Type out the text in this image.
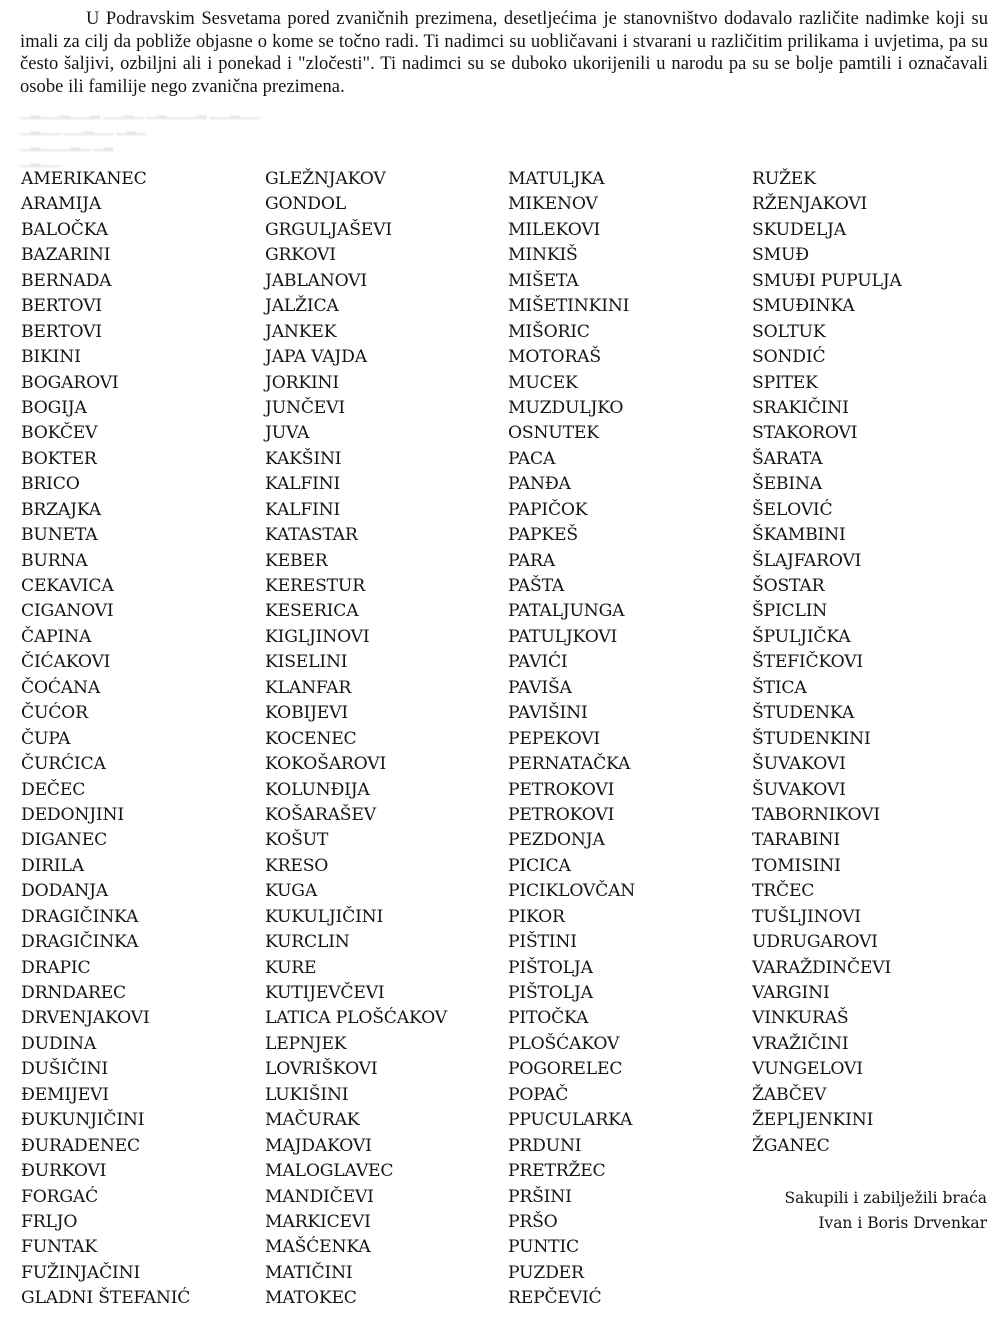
U Podravskim Sesvetama pored zvaničnih prezimena, desetljećima je stanovništvo dodavalo različite nadimke koji su imali za cilj da pobliže objasne o kome se točno radi. Ti nadimci su uobličavani i stvarani u različitim prilikama i uvjetima, pa su često šaljivi, ozbiljni ali i ponekad i "zločesti". Ti nadimci su se duboko ukorijenili u narodu pa su se bolje pamtili i označavali osobe ili familije nego zvanična prezimena.

▁▂▁▁▂▁▁▂ ▁▁▂▁ ▁▂▁▁▁▂ ▁▁▂▁▁
▁▂▁▁ ▁▁▂▁▁ ▁▂▁
▁▂▁▁▁▂▁ ▁▂
▁▂▁▁
AMERIKANEC
ARAMIJA
BALOČKA
BAZARINI
BERNADA
BERTOVI
BERTOVI
BIKINI
BOGAROVI
BOGIJA
BOKČEV
BOKTER
BRICO
BRZAJKA
BUNETA
BURNA
CEKAVICA
CIGANOVI
ČAPINA
ČIĆAKOVI
ČOĆANA
ČUĆOR
ČUPA
ČURĆICA
DEČEC
DEDONJINI
DIGANEC
DIRILA
DODANJA
DRAGIČINKA
DRAGIČINKA
DRAPIC
DRNDAREC
DRVENJAKOVI
DUDINA
DUŠIČINI
ĐEMIJEVI
ĐUKUNJIČINI
ĐURADENEC
ĐURKOVI
FORGAĆ
FRLJO
FUNTAK
FUŽINJAČINI
GLADNI ŠTEFANIĆ
GLEŽNJAKOV
GONDOL
GRGULJAŠEVI
GRKOVI
JABLANOVI
JALŽICA
JANKEK
JAPA VAJDA
JORKINI
JUNČEVI
JUVA
KAKŠINI
KALFINI
KALFINI
KATASTAR
KEBER
KERESTUR
KESERICA
KIGLJINOVI
KISELINI
KLANFAR
KOBIJEVI
KOCENEC
KOKOŠAROVI
KOLUNĐIJA
KOŠARAŠEV
KOŠUT
KRESO
KUGA
KUKULJIČINI
KURCLIN
KURE
KUTIJEVČEVI
LATICA PLOŠĆAKOV
LEPNJEK
LOVRIŠKOVI
LUKIŠINI
MAČURAK
MAJDAKOVI
MALOGLAVEC
MANDIČEVI
MARKICEVI
MAŠĆENKA
MATIČINI
MATOKEC
MATULJKA
MIKENOV
MILEKOVI
MINKIŠ
MIŠETA
MIŠETINKINI
MIŠORIC
MOTORAŠ
MUCEK
MUZDULJKO
OSNUTEK
PACA
PANĐA
PAPIČOK
PAPKEŠ
PARA
PAŠTA
PATALJUNGA
PATULJKOVI
PAVIĆI
PAVIŠA
PAVIŠINI
PEPEKOVI
PERNATAČKA
PETROKOVI
PETROKOVI
PEZDONJA
PICICA
PICIKLOVČAN
PIKOR
PIŠTINI
PIŠTOLJA
PIŠTOLJA
PITOČKA
PLOŠĆAKOV
POGORELEC
POPAČ
PPUCULARKA
PRDUNI
PRETRŽEC
PRŠINI
PRŠO
PUNTIC
PUZDER
REPČEVIĆ
RUŽEK
RŽENJAKOVI
SKUDELJA
SMUĐ
SMUĐI PUPULJA
SMUĐINKA
SOLTUK
SONDIĆ
SPITEK
SRAKIČINI
STAKOROVI
ŠARATA
ŠEBINA
ŠELOVIĆ
ŠKAMBINI
ŠLAJFAROVI
ŠOSTAR
ŠPICLIN
ŠPULJIČKA
ŠTEFIČKOVI
ŠTICA
ŠTUDENKA
ŠTUDENKINI
ŠUVAKOVI
ŠUVAKOVI
TABORNIKOVI
TARABINI
TOMISINI
TRČEC
TUŠLJINOVI
UDRUGAROVI
VARAŽDINČEVI
VARGINI
VINKURAŠ
VRAŽIČINI
VUNGELOVI
ŽABČEV
ŽEPLJENKINI
ŽGANEC
Sakupili i zabilježili braća
Ivan i Boris Drvenkar
